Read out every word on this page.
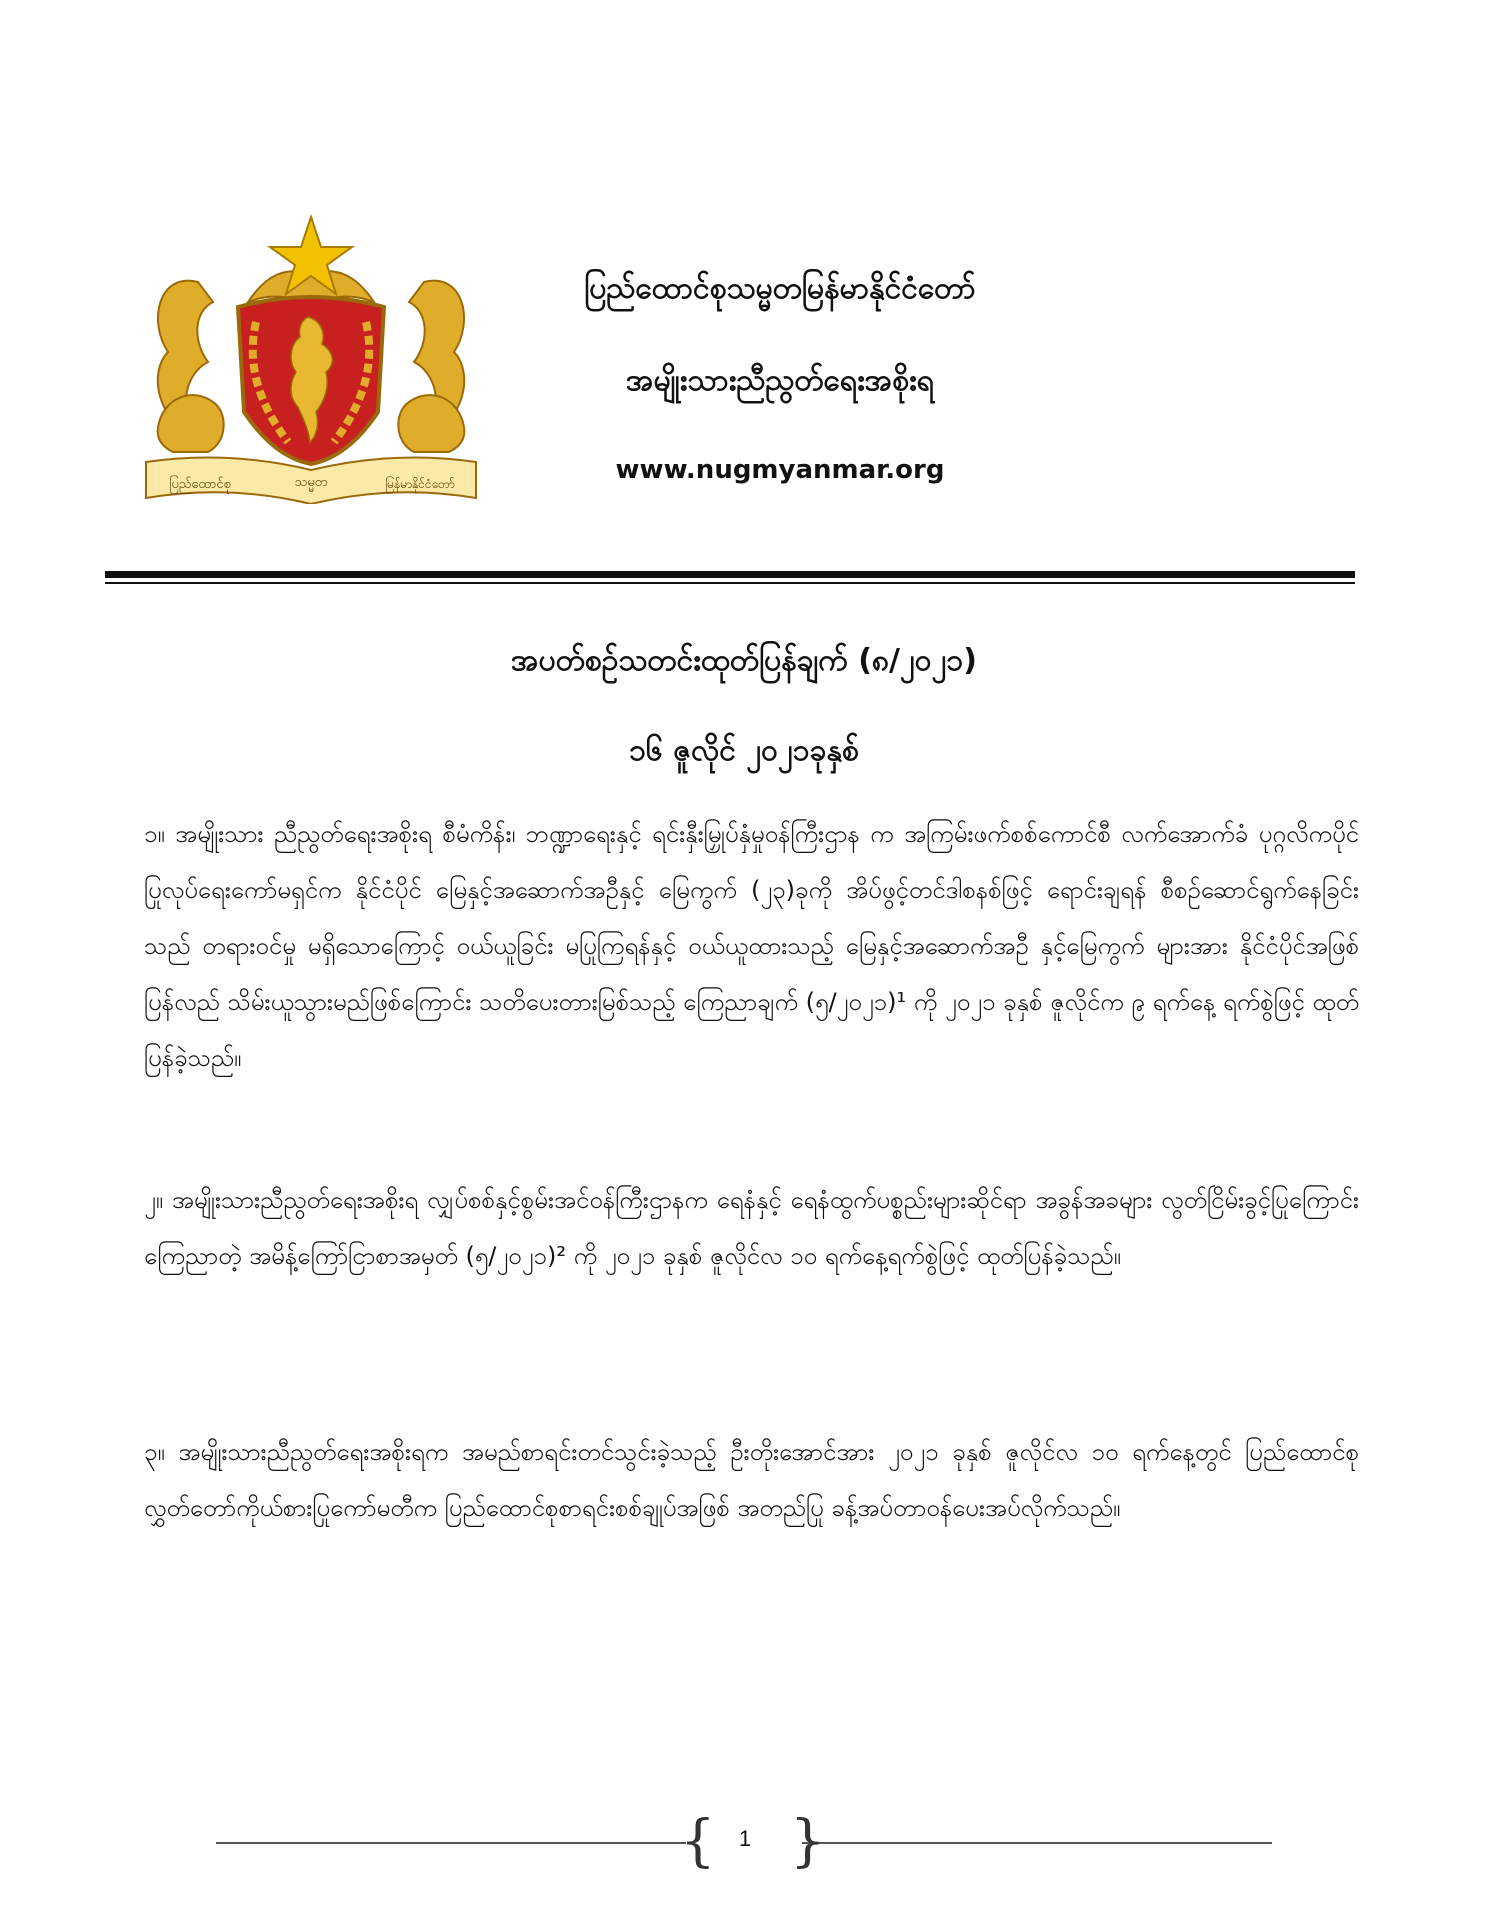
ပြည်ထောင်စု	သမ္မတ	မြန်မာနိုင်ငံတော်
ပြည်ထောင်စုသမ္မတမြန်မာနိုင်ငံတော်
အမျိုးသားညီညွတ်ရေးအစိုးရ
www.nugmyanmar.org
အပတ်စဉ်သတင်းထုတ်ပြန်ချက် (၈/၂၀၂၁)
၁၆ ဇူလိုင် ၂၀၂၁ခုနှစ်

၁။ အမျိုးသား ညီညွတ်ရေးအစိုးရ စီမံကိန်း၊ ဘဏ္ဍာရေးနှင့် ရင်းနှီးမြှုပ်နှံမှုဝန်ကြီးဌာန က အကြမ်းဖက်စစ်ကောင်စီ လက်အောက်ခံ ပုဂ္ဂလိကပိုင်ပြုလုပ်ရေးကော်မရှင်က နိုင်ငံပိုင် မြေနှင့်အဆောက်အဦနှင့် မြေကွက် (၂၃)ခုကို အိပ်ဖွင့်တင်ဒါစနစ်ဖြင့် ရောင်းချရန် စီစဉ်ဆောင်ရွက်နေခြင်းသည် တရားဝင်မှု မရှိသောကြောင့် ဝယ်ယူခြင်း မပြုကြရန်နှင့် ဝယ်ယူထားသည့် မြေနှင့်အဆောက်အဦ နှင့်မြေကွက် များအား နိုင်ငံပိုင်အဖြစ် ပြန်လည် သိမ်းယူသွားမည်ဖြစ်ကြောင်း သတိပေးတားမြစ်သည့် ကြေညာချက် (၅/၂၀၂၁)¹ ကို ၂၀၂၁ ခုနှစ် ဇူလိုင်က ၉ ရက်နေ့ ရက်စွဲဖြင့် ထုတ်ပြန်ခဲ့သည်။

၂။ အမျိုးသားညီညွတ်ရေးအစိုးရ လျှပ်စစ်နှင့်စွမ်းအင်ဝန်ကြီးဌာနက ရေနံနှင့် ရေနံထွက်ပစ္စည်းများဆိုင်ရာ အခွန်အခများ လွတ်ငြိမ်းခွင့်ပြုကြောင်း ကြေညာတဲ့ အမိန့်ကြော်ငြာစာအမှတ် (၅/၂၀၂၁)² ကို ၂၀၂၁ ခုနှစ် ဇူလိုင်လ ၁၀ ရက်နေ့ရက်စွဲဖြင့် ထုတ်ပြန်ခဲ့သည်။

၃။ အမျိုးသားညီညွတ်ရေးအစိုးရက အမည်စာရင်းတင်သွင်းခဲ့သည့် ဦးတိုးအောင်အား ၂၀၂၁ ခုနှစ် ဇူလိုင်လ ၁၀ ရက်နေ့တွင် ပြည်ထောင်စုလွှတ်တော်ကိုယ်စားပြုကော်မတီက ပြည်ထောင်စုစာရင်းစစ်ချုပ်အဖြစ် အတည်ပြု ခန့်အပ်တာဝန်ပေးအပ်လိုက်သည်။

{ }
1
